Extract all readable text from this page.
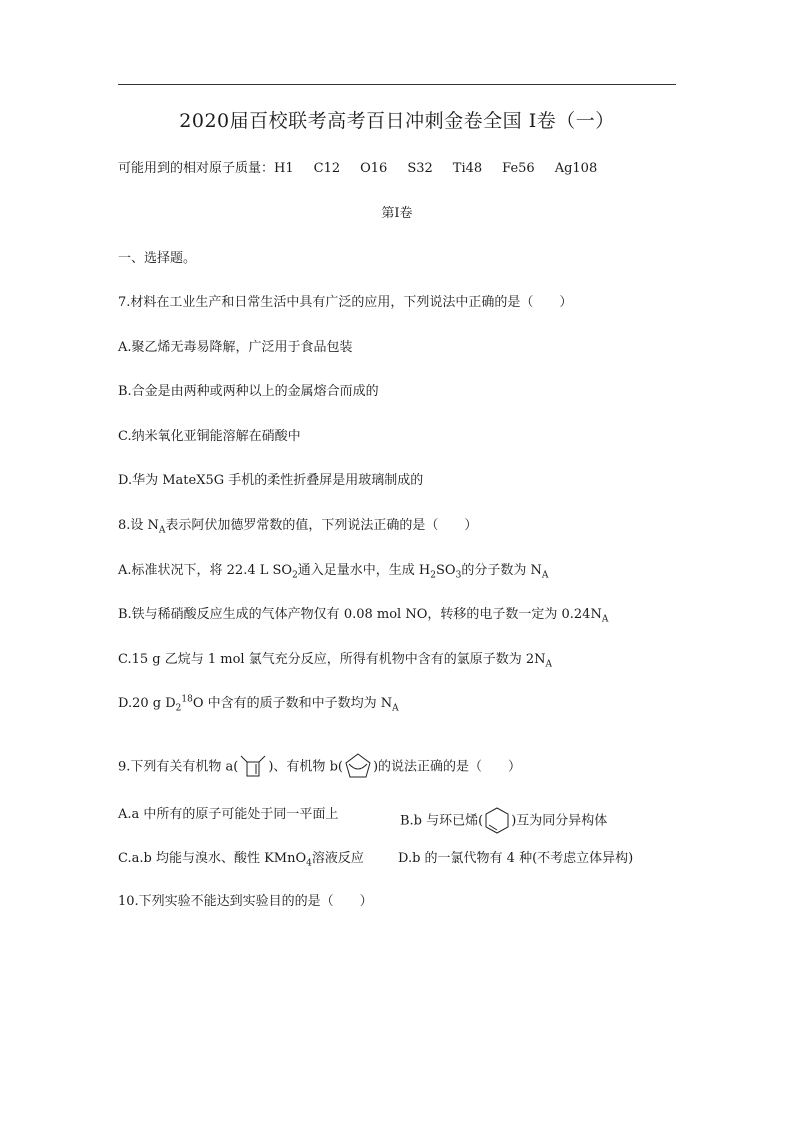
2020届百校联考高考百日冲刺金卷全国 Ⅰ卷（一）
可能用到的相对原子质量：H1 C12 O16 S32 Ti48 Fe56 Ag108
第I卷
一、选择题。
7.材料在工业生产和日常生活中具有广泛的应用，下列说法中正确的是（　　）
A.聚乙烯无毒易降解，广泛用于食品包装
B.合金是由两种或两种以上的金属熔合而成的
C.纳米氧化亚铜能溶解在硝酸中
D.华为 MateX5G 手机的柔性折叠屏是用玻璃制成的
8.设 $N_A$表示阿伏加德罗常数的值，下列说法正确的是（　　）
A.标准状况下，将 22.4 L $SO_2$通入足量水中，生成 $H_2SO_3$的分子数为 $N_A$
B.铁与稀硝酸反应生成的气体产物仅有 0.08 mol NO，转移的电子数一定为 $0.24N_A$
C.15 g 乙烷与 1 mol 氯气充分反应，所得有机物中含有的氯原子数为 $2N_A$
D.20 g $D_2^{18}O$ 中含有的质子数和中子数均为 $N_A$
9.下列有关有机物 a( )、有机物 b( )的说法正确的是（　　）
A.a 中所有的原子可能处于同一平面上	B.b 与环已烯( )互为同分异构体
C.a.b 均能与溴水、酸性 KMnO$_4$溶液反应	D.b 的一氯代物有 4 种(不考虑立体异构)
10.下列实验不能达到实验目的的是（　　）
